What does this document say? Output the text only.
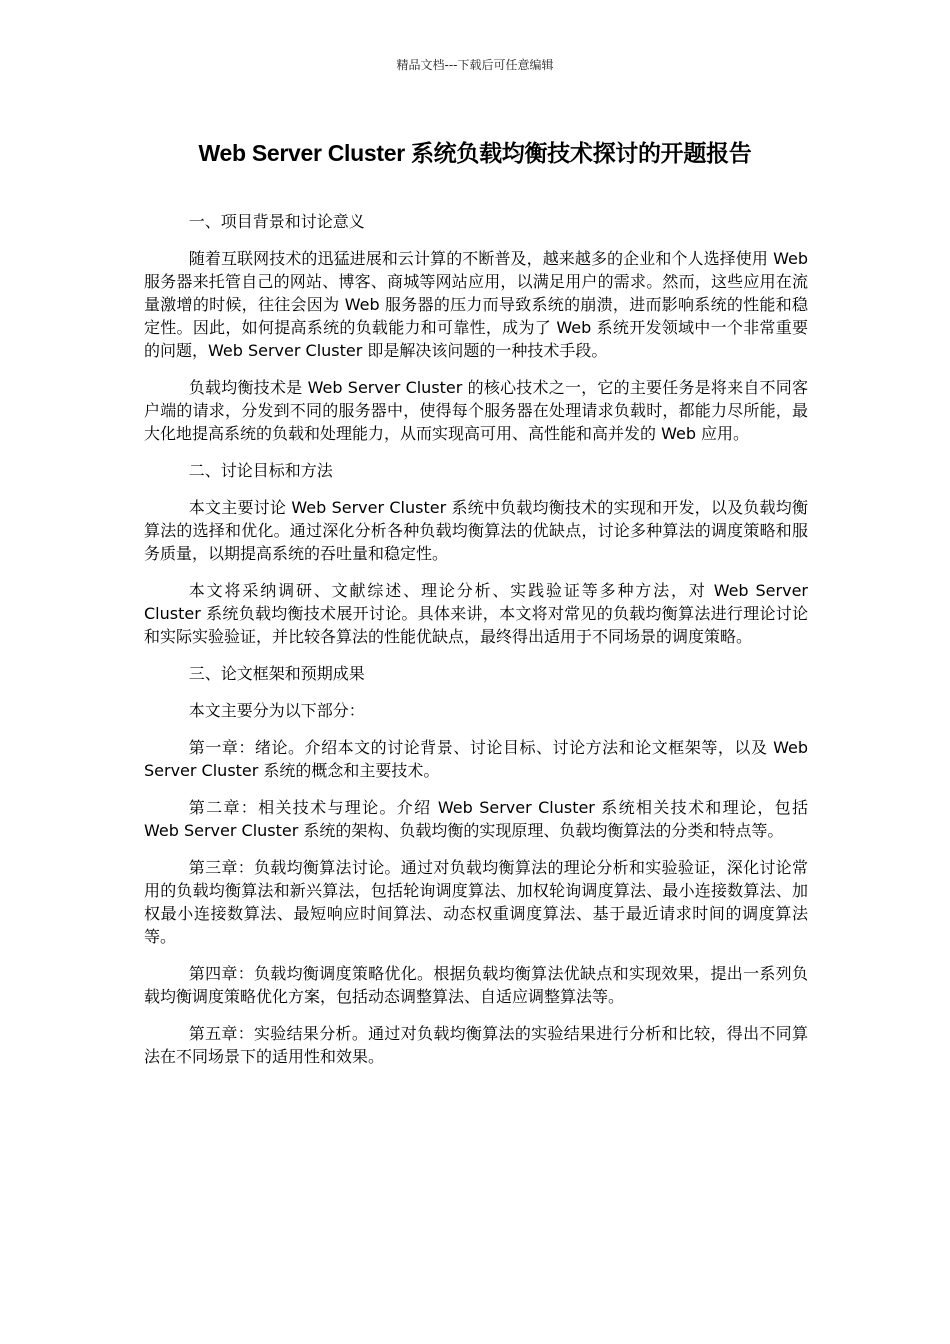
精品文档---下载后可任意编辑
Web Server Cluster 系统负载均衡技术探讨的开题报告

一、项目背景和讨论意义

随着互联网技术的迅猛进展和云计算的不断普及，越来越多的企业和个人选择使用 Web 服务器来托管自己的网站、博客、商城等网站应用，以满足用户的需求。然而，这些应用在流量激增的时候，往往会因为 Web 服务器的压力而导致系统的崩溃，进而影响系统的性能和稳定性。因此，如何提高系统的负载能力和可靠性，成为了 Web 系统开发领域中一个非常重要的问题，Web Server Cluster 即是解决该问题的一种技术手段。

负载均衡技术是 Web Server Cluster 的核心技术之一，它的主要任务是将来自不同客户端的请求，分发到不同的服务器中，使得每个服务器在处理请求负载时，都能力尽所能，最大化地提高系统的负载和处理能力，从而实现高可用、高性能和高并发的 Web 应用。

二、讨论目标和方法

本文主要讨论 Web Server Cluster 系统中负载均衡技术的实现和开发，以及负载均衡算法的选择和优化。通过深化分析各种负载均衡算法的优缺点，讨论多种算法的调度策略和服务质量，以期提高系统的吞吐量和稳定性。

本文将采纳调研、文献综述、理论分析、实践验证等多种方法，对 Web Server Cluster 系统负载均衡技术展开讨论。具体来讲，本文将对常见的负载均衡算法进行理论讨论和实际实验验证，并比较各算法的性能优缺点，最终得出适用于不同场景的调度策略。

三、论文框架和预期成果

本文主要分为以下部分：

第一章：绪论。介绍本文的讨论背景、讨论目标、讨论方法和论文框架等，以及 Web Server Cluster 系统的概念和主要技术。

第二章：相关技术与理论。介绍 Web Server Cluster 系统相关技术和理论，包括 Web Server Cluster 系统的架构、负载均衡的实现原理、负载均衡算法的分类和特点等。

第三章：负载均衡算法讨论。通过对负载均衡算法的理论分析和实验验证，深化讨论常用的负载均衡算法和新兴算法，包括轮询调度算法、加权轮询调度算法、最小连接数算法、加权最小连接数算法、最短响应时间算法、动态权重调度算法、基于最近请求时间的调度算法等。

第四章：负载均衡调度策略优化。根据负载均衡算法优缺点和实现效果，提出一系列负载均衡调度策略优化方案，包括动态调整算法、自适应调整算法等。

第五章：实验结果分析。通过对负载均衡算法的实验结果进行分析和比较，得出不同算法在不同场景下的适用性和效果。
